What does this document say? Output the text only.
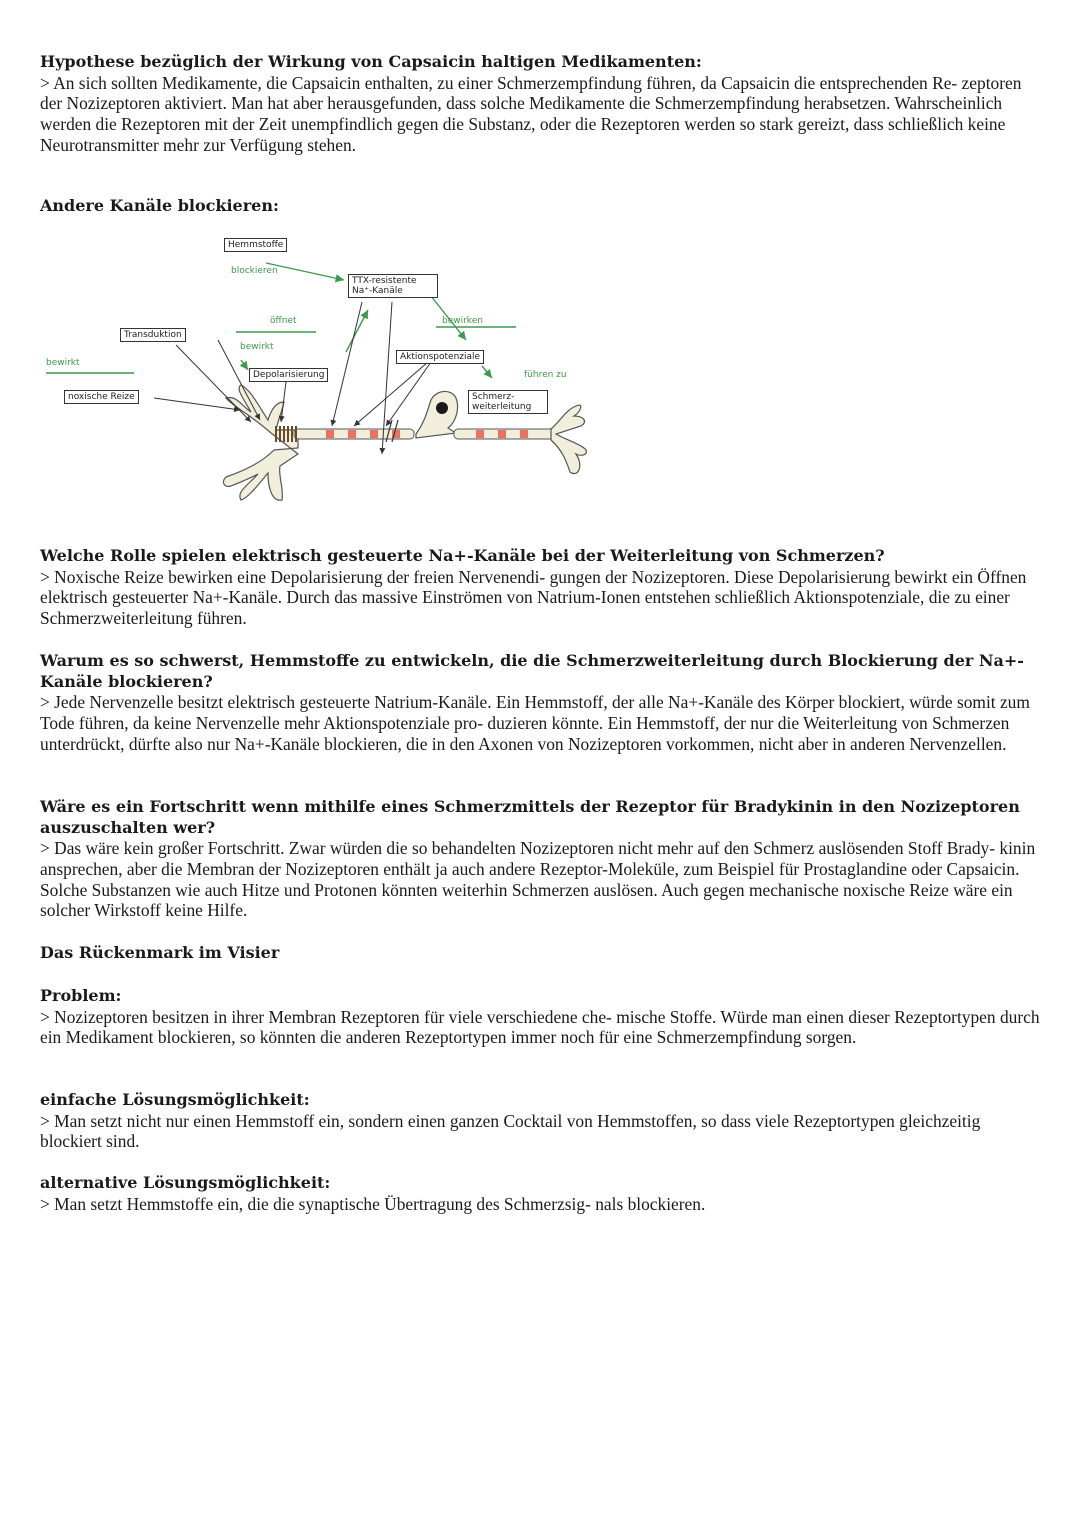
Hypothese bezüglich der Wirkung von Capsaicin haltigen Medikamenten:

> An sich sollten Medikamente, die Capsaicin enthalten, zu einer Schmerzempfindung führen, da Capsaicin die entsprechenden Re- zeptoren der Nozizeptoren aktiviert. Man hat aber herausgefunden, dass solche Medikamente die Schmerzempfindung herabsetzen. Wahrscheinlich werden die Rezeptoren mit der Zeit unempfindlich gegen die Substanz, oder die Rezeptoren werden so stark gereizt, dass schließlich keine Neurotransmitter mehr zur Verfügung stehen.

Andere Kanäle blockieren:

Hemmstoffe
TTX-resistente Na⁺-Kanäle
Transduktion
Depolarisierung
Aktionspotenziale
noxische Reize	Schmerz-weiterleitung
blockieren
öffnet
bewirkt
bewirkt
bewirken
führen zu

Welche Rolle spielen elektrisch gesteuerte Na+-Kanäle bei der Weiterleitung von Schmerzen?

> Noxische Reize bewirken eine Depolarisierung der freien Nervenendi- gungen der Nozizeptoren. Diese Depolarisierung bewirkt ein Öffnen elektrisch gesteuerter Na+-Kanäle. Durch das massive Einströmen von Natrium-Ionen entstehen schließlich Aktionspotenziale, die zu einer Schmerzweiterleitung führen.

Warum es so schwerst, Hemmstoffe zu entwickeln, die die Schmerzweiterleitung durch Blockierung der Na+-Kanäle blockieren?

> Jede Nervenzelle besitzt elektrisch gesteuerte Natrium-Kanäle. Ein Hemmstoff, der alle Na+-Kanäle des Körper blockiert, würde somit zum Tode führen, da keine Nervenzelle mehr Aktionspotenziale pro- duzieren könnte. Ein Hemmstoff, der nur die Weiterleitung von Schmerzen unterdrückt, dürfte also nur Na+-Kanäle blockieren, die in den Axonen von Nozizeptoren vorkommen, nicht aber in anderen Nervenzellen.

Wäre es ein Fortschritt wenn mithilfe eines Schmerzmittels der Rezeptor für Bradykinin in den Nozizeptoren auszuschalten wer?

> Das wäre kein großer Fortschritt. Zwar würden die so behandelten Nozizeptoren nicht mehr auf den Schmerz auslösenden Stoff Brady- kinin ansprechen, aber die Membran der Nozizeptoren enthält ja auch andere Rezeptor-Moleküle, zum Beispiel für Prostaglandine oder Capsaicin. Solche Substanzen wie auch Hitze und Protonen könnten weiterhin Schmerzen auslösen. Auch gegen mechanische noxische Reize wäre ein solcher Wirkstoff keine Hilfe.

Das Rückenmark im Visier

Problem:

> Nozizeptoren besitzen in ihrer Membran Rezeptoren für viele verschiedene che- mische Stoffe. Würde man einen dieser Rezeptortypen durch ein Medikament blockieren, so könnten die anderen Rezeptortypen immer noch für eine Schmerzempfindung sorgen.

einfache Lösungsmöglichkeit:

> Man setzt nicht nur einen Hemmstoff ein, sondern einen ganzen Cocktail von Hemmstoffen, so dass viele Rezeptortypen gleichzeitig blockiert sind.

alternative Lösungsmöglichkeit:

> Man setzt Hemmstoffe ein, die die synaptische Übertragung des Schmerzsig- nals blockieren.
